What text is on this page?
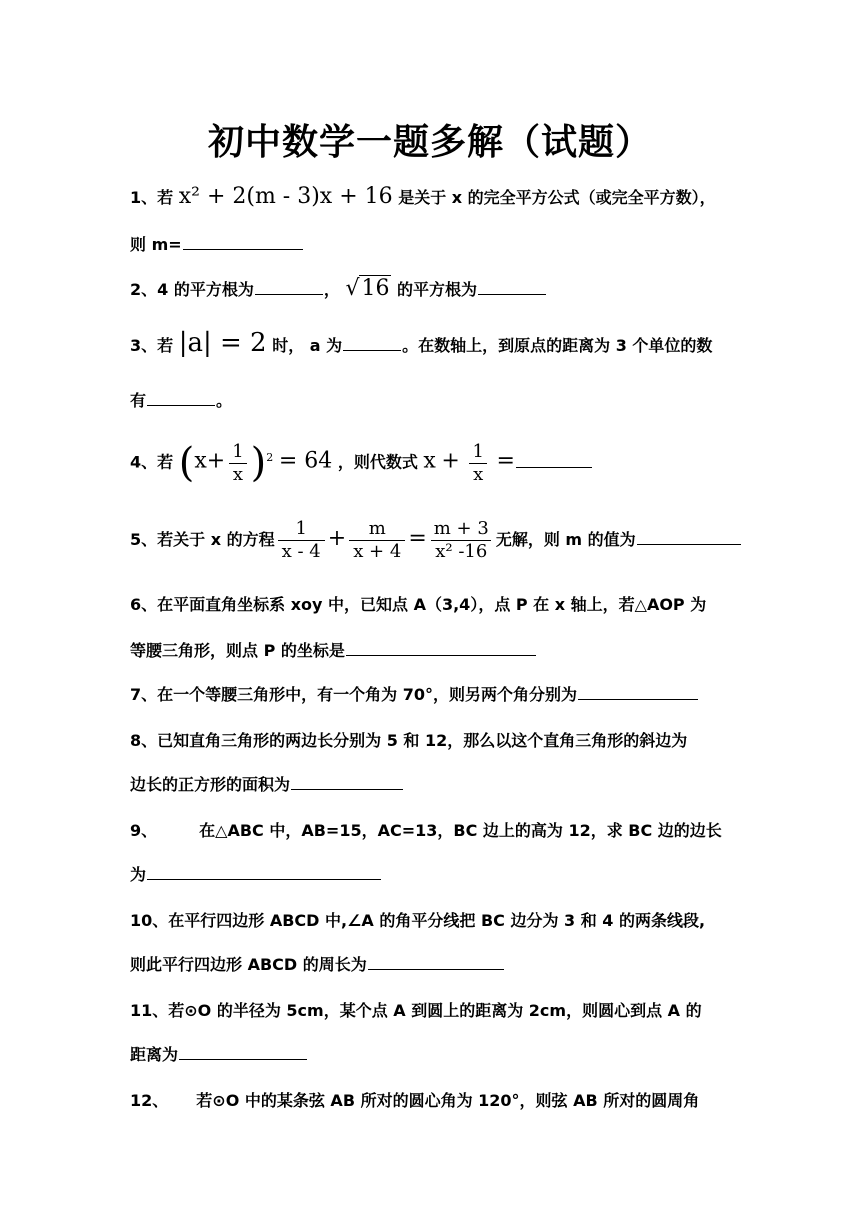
初中数学一题多解（试题）
1、若 x² + 2(m - 3)x + 16 是关于 x 的完全平方公式（或完全平方数），
则 m=
2、4 的平方根为	， √16 的平方根为
3、若 |a| = 2 时， a 为	。在数轴上，到原点的距离为 3 个单位的数
有	。
4、若 $(x+ \frac{1}{x} )^2 = 64$ ，则代数式 $x + \frac{1}{x}$ =
5、若关于 x 的方程 $\frac{1}{x - 4} + \frac{m}{x + 4} = \frac{m + 3}{\text{x² -16}}$ 无解，则 m 的值为
6、在平面直角坐标系 xoy 中，已知点 A（3,4），点 P 在 x 轴上，若△AOP 为
等腰三角形，则点 P 的坐标是
7、在一个等腰三角形中，有一个角为 70°，则另两个角分别为
8、已知直角三角形的两边长分别为 5 和 12，那么以这个直角三角形的斜边为
边长的正方形的面积为
9、	在△ABC 中，AB=15，AC=13，BC 边上的高为 12，求 BC 边的边长
为
10、在平行四边形 ABCD 中,∠A 的角平分线把 BC 边分为 3 和 4 的两条线段,
则此平行四边形 ABCD 的周长为
11、若⊙O 的半径为 5cm，某个点 A 到圆上的距离为 2cm，则圆心到点 A 的
距离为
12、 若⊙O 中的某条弦 AB 所对的圆心角为 120°，则弦 AB 所对的圆周角
